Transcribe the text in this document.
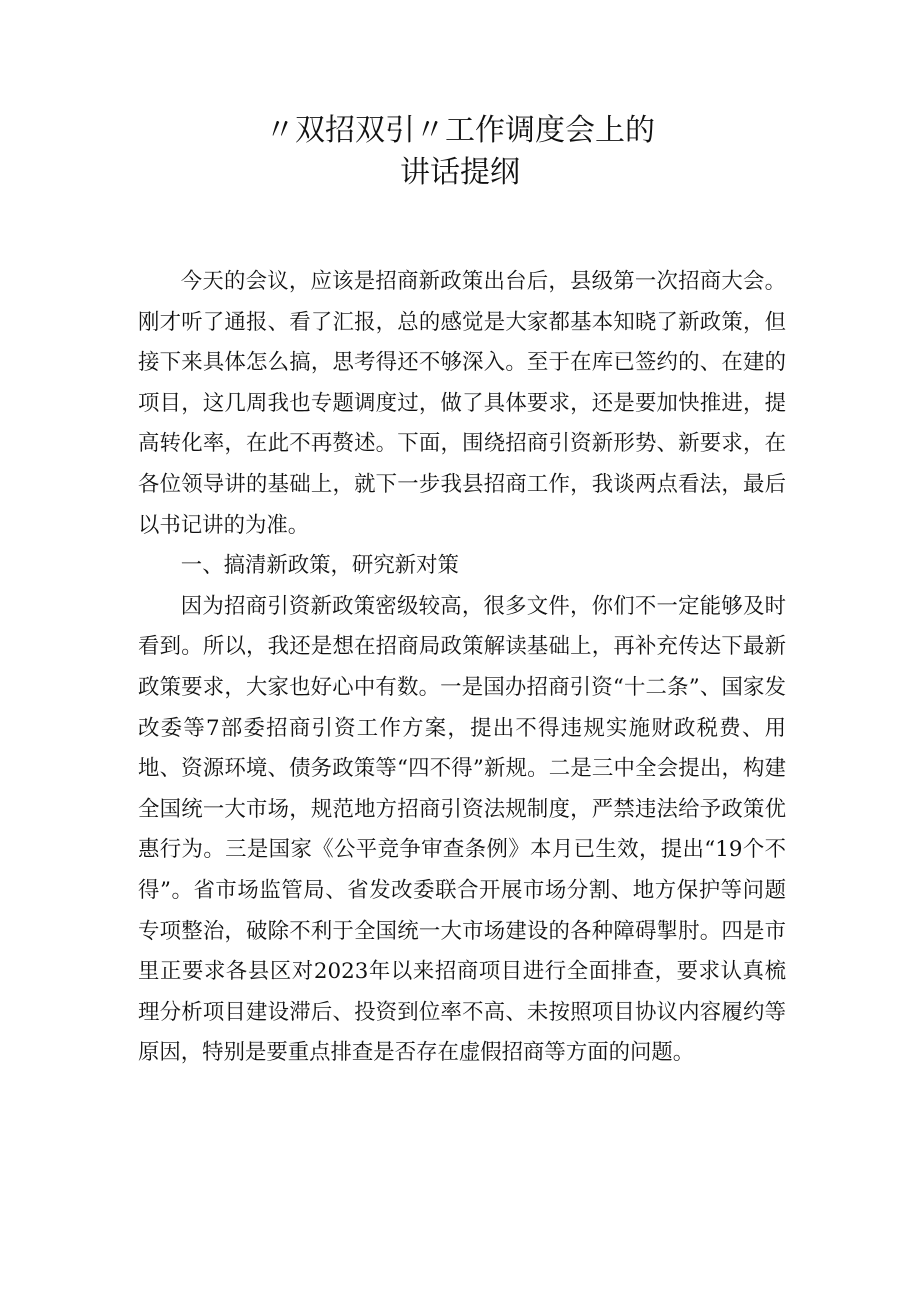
〃双招双引〃工作调度会上的
讲话提纲

今天的会议，应该是招商新政策出台后，县级第一次招商大会。刚才听了通报、看了汇报，总的感觉是大家都基本知晓了新政策，但接下来具体怎么搞，思考得还不够深入。至于在库已签约的、在建的项目，这几周我也专题调度过，做了具体要求，还是要加快推进，提高转化率，在此不再赘述。下面，围绕招商引资新形势、新要求，在各位领导讲的基础上，就下一步我县招商工作，我谈两点看法，最后以书记讲的为准。

一、搞清新政策，研究新对策

因为招商引资新政策密级较高，很多文件，你们不一定能够及时看到。所以，我还是想在招商局政策解读基础上，再补充传达下最新政策要求，大家也好心中有数。一是国办招商引资“十二条”、国家发改委等7部委招商引资工作方案，提出不得违规实施财政税费、用地、资源环境、债务政策等“四不得”新规。二是三中全会提出，构建全国统一大市场，规范地方招商引资法规制度，严禁违法给予政策优惠行为。三是国家《公平竞争审查条例》本月已生效，提出“19个不得”。省市场监管局、省发改委联合开展市场分割、地方保护等问题专项整治，破除不利于全国统一大市场建设的各种障碍掣肘。四是市里正要求各县区对2023年以来招商项目进行全面排查，要求认真梳理分析项目建设滞后、投资到位率不高、未按照项目协议内容履约等原因，特别是要重点排查是否存在虚假招商等方面的问题。
